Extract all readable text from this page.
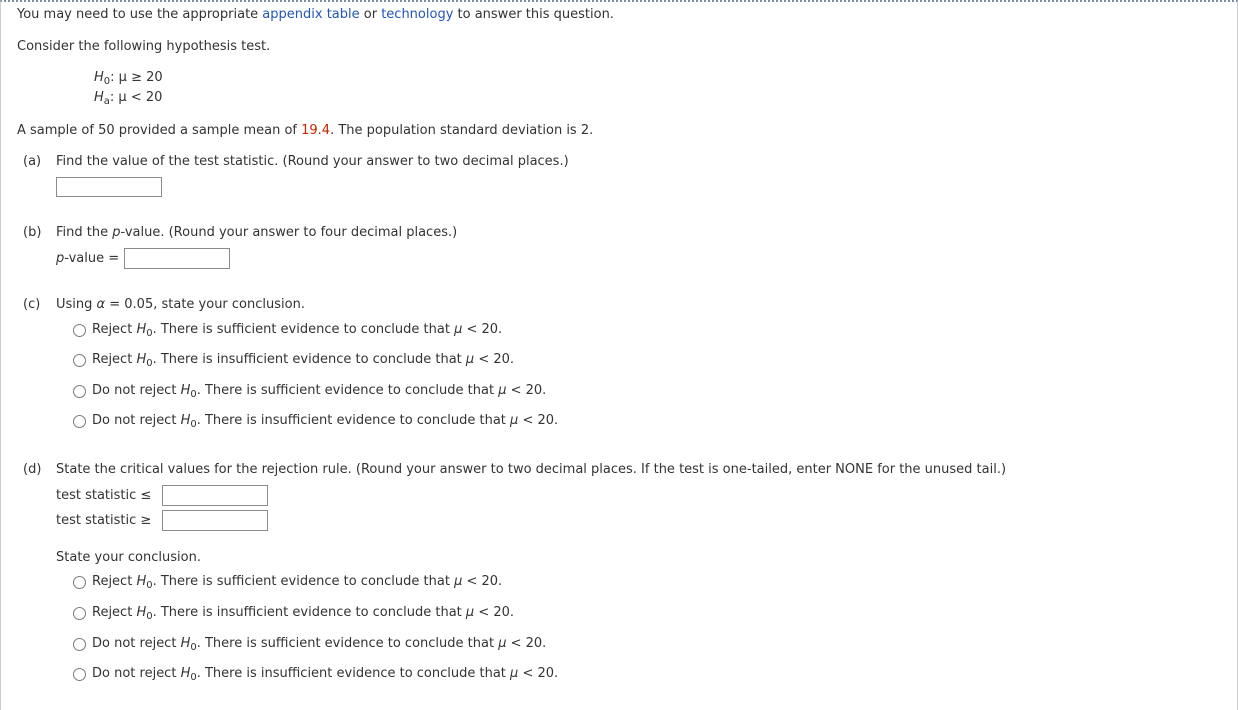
You may need to use the appropriate appendix table or technology to answer this question.
Consider the following hypothesis test.
$H_0$: μ ≥ 20
$H_a$: μ < 20
A sample of 50 provided a sample mean of 19.4. The population standard deviation is 2.
(a) Find the value of the test statistic. (Round your answer to two decimal places.)
(b) Find the p-value. (Round your answer to four decimal places.)
p-value =
(c) Using α = 0.05, state your conclusion.
Reject $H_0$. There is sufficient evidence to conclude that μ < 20.
Reject $H_0$. There is insufficient evidence to conclude that μ < 20.
Do not reject $H_0$. There is sufficient evidence to conclude that μ < 20.
Do not reject $H_0$. There is insufficient evidence to conclude that μ < 20.
(d) State the critical values for the rejection rule. (Round your answer to two decimal places. If the test is one-tailed, enter NONE for the unused tail.)
test statistic ≤
test statistic ≥
State your conclusion.
Reject $H_0$. There is sufficient evidence to conclude that μ < 20.
Reject $H_0$. There is insufficient evidence to conclude that μ < 20.
Do not reject $H_0$. There is sufficient evidence to conclude that μ < 20.
Do not reject $H_0$. There is insufficient evidence to conclude that μ < 20.
